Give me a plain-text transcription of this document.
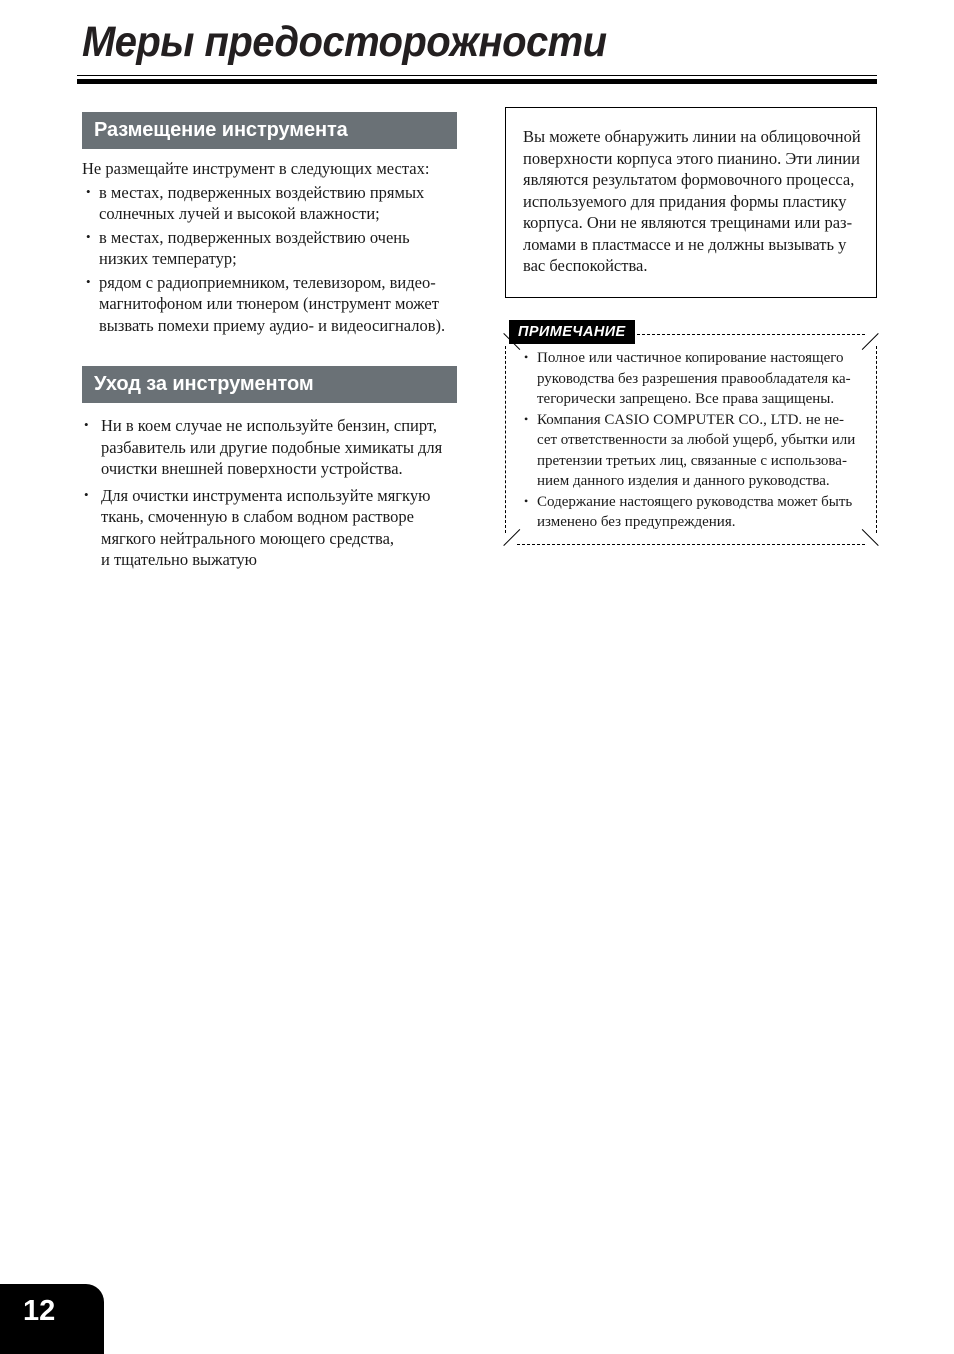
Меры предосторожности
Размещение инструмента

Не размещайте инструмент в следующих местах:

• в местах, подверженных воздействию прямых
солнечных лучей и высокой влажности;
• в местах, подверженных воздействию очень
низких температур;
• рядом с радиоприемником, телевизором, видео-
магнитофоном или тюнером (инструмент может
вызвать помехи приему аудио- и видеосигналов).
Уход за инструментом
• Ни в коем случае не используйте бензин, спирт,
разбавитель или другие подобные химикаты для
очистки внешней поверхности устройства.
• Для очистки инструмента используйте мягкую
ткань, смоченную в слабом водном растворе
мягкого нейтрального моющего средства,
и тщательно выжатую
Вы можете обнаружить линии на облицовочной
поверхности корпуса этого пианино. Эти линии
являются результатом формовочного процесса,
используемого для придания формы пластику
корпуса. Они не являются трещинами или раз-
ломами в пластмассе и не должны вызывать у
вас беспокойства.
ПРИМЕЧАНИЕ
• Полное или частичное копирование настоящего
руководства без разрешения правообладателя ка-
тегорически запрещено. Все права защищены.
• Компания CASIO COMPUTER CO., LTD. не не-
сет ответственности за любой ущерб, убытки или
претензии третьих лиц, связанные с использова-
нием данного изделия и данного руководства.
• Содержание настоящего руководства может быть
изменено без предупреждения.
12
